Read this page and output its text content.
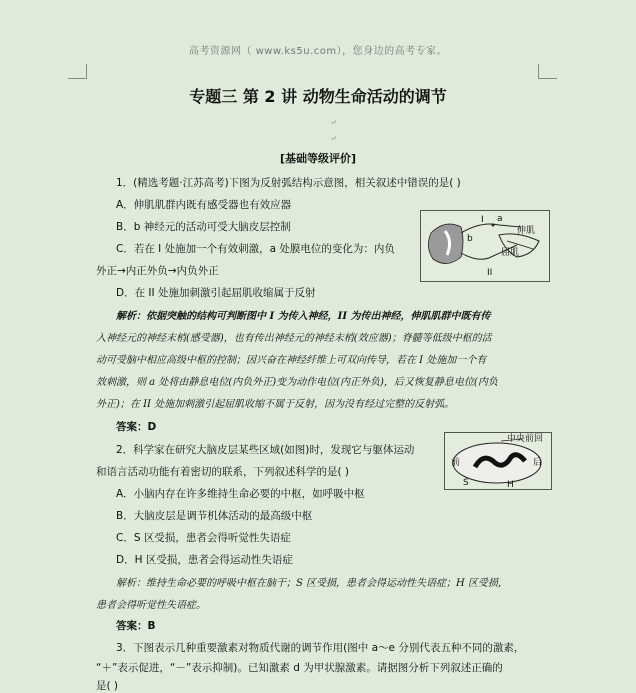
高考资源网（ www.ks5u.com），您身边的高考专家。
专题三 第 2 讲 动物生命活动的调节
↵
↵
[基础等级评价]
1．(精选考题·江苏高考)下图为反射弧结构示意图，相关叙述中错误的是( )
A．伸肌肌群内既有感受器也有效应器
B．b 神经元的活动可受大脑皮层控制
C．若在 I 处施加一个有效刺激，a 处膜电位的变化为：内负
外正→内正外负→内负外正
D．在 II 处施加刺激引起屈肌收缩属于反射
I a
b
伸肌
屈肌
II
解析：依据突触的结构可判断图中 I 为传入神经，II 为传出神经，伸肌肌群中既有传
入神经元的神经末梢(感受器)，也有传出神经元的神经末梢(效应器)；脊髓等低级中枢的活
动可受脑中相应高级中枢的控制；因兴奋在神经纤维上可双向传导，若在 I 处施加一个有
效刺激，则 a 处将由静息电位(内负外正)变为动作电位(内正外负)，后又恢复静息电位(内负
外正)；在 II 处施加刺激引起屈肌收缩不属于反射，因为没有经过完整的反射弧。
答案：D
2．科学家在研究大脑皮层某些区域(如图)时，发现它与躯体运动
和语言活动功能有着密切的联系，下列叙述科学的是( )
中央前回
前	后
S	H
A．小脑内存在许多维持生命必要的中枢，如呼吸中枢
B．大脑皮层是调节机体活动的最高级中枢
C．S 区受损，患者会得听觉性失语症
D．H 区受损，患者会得运动性失语症
解析：维持生命必要的呼吸中枢在脑干；S 区受损，患者会得运动性失语症；H 区受损，
患者会得听觉性失语症。
答案：B
3．下图表示几种重要激素对物质代谢的调节作用(图中 a～e 分别代表五种不同的激素，
“＋”表示促进，“－”表示抑制)。已知激素 d 为甲状腺激素。请据图分析下列叙述正确的
是( )
